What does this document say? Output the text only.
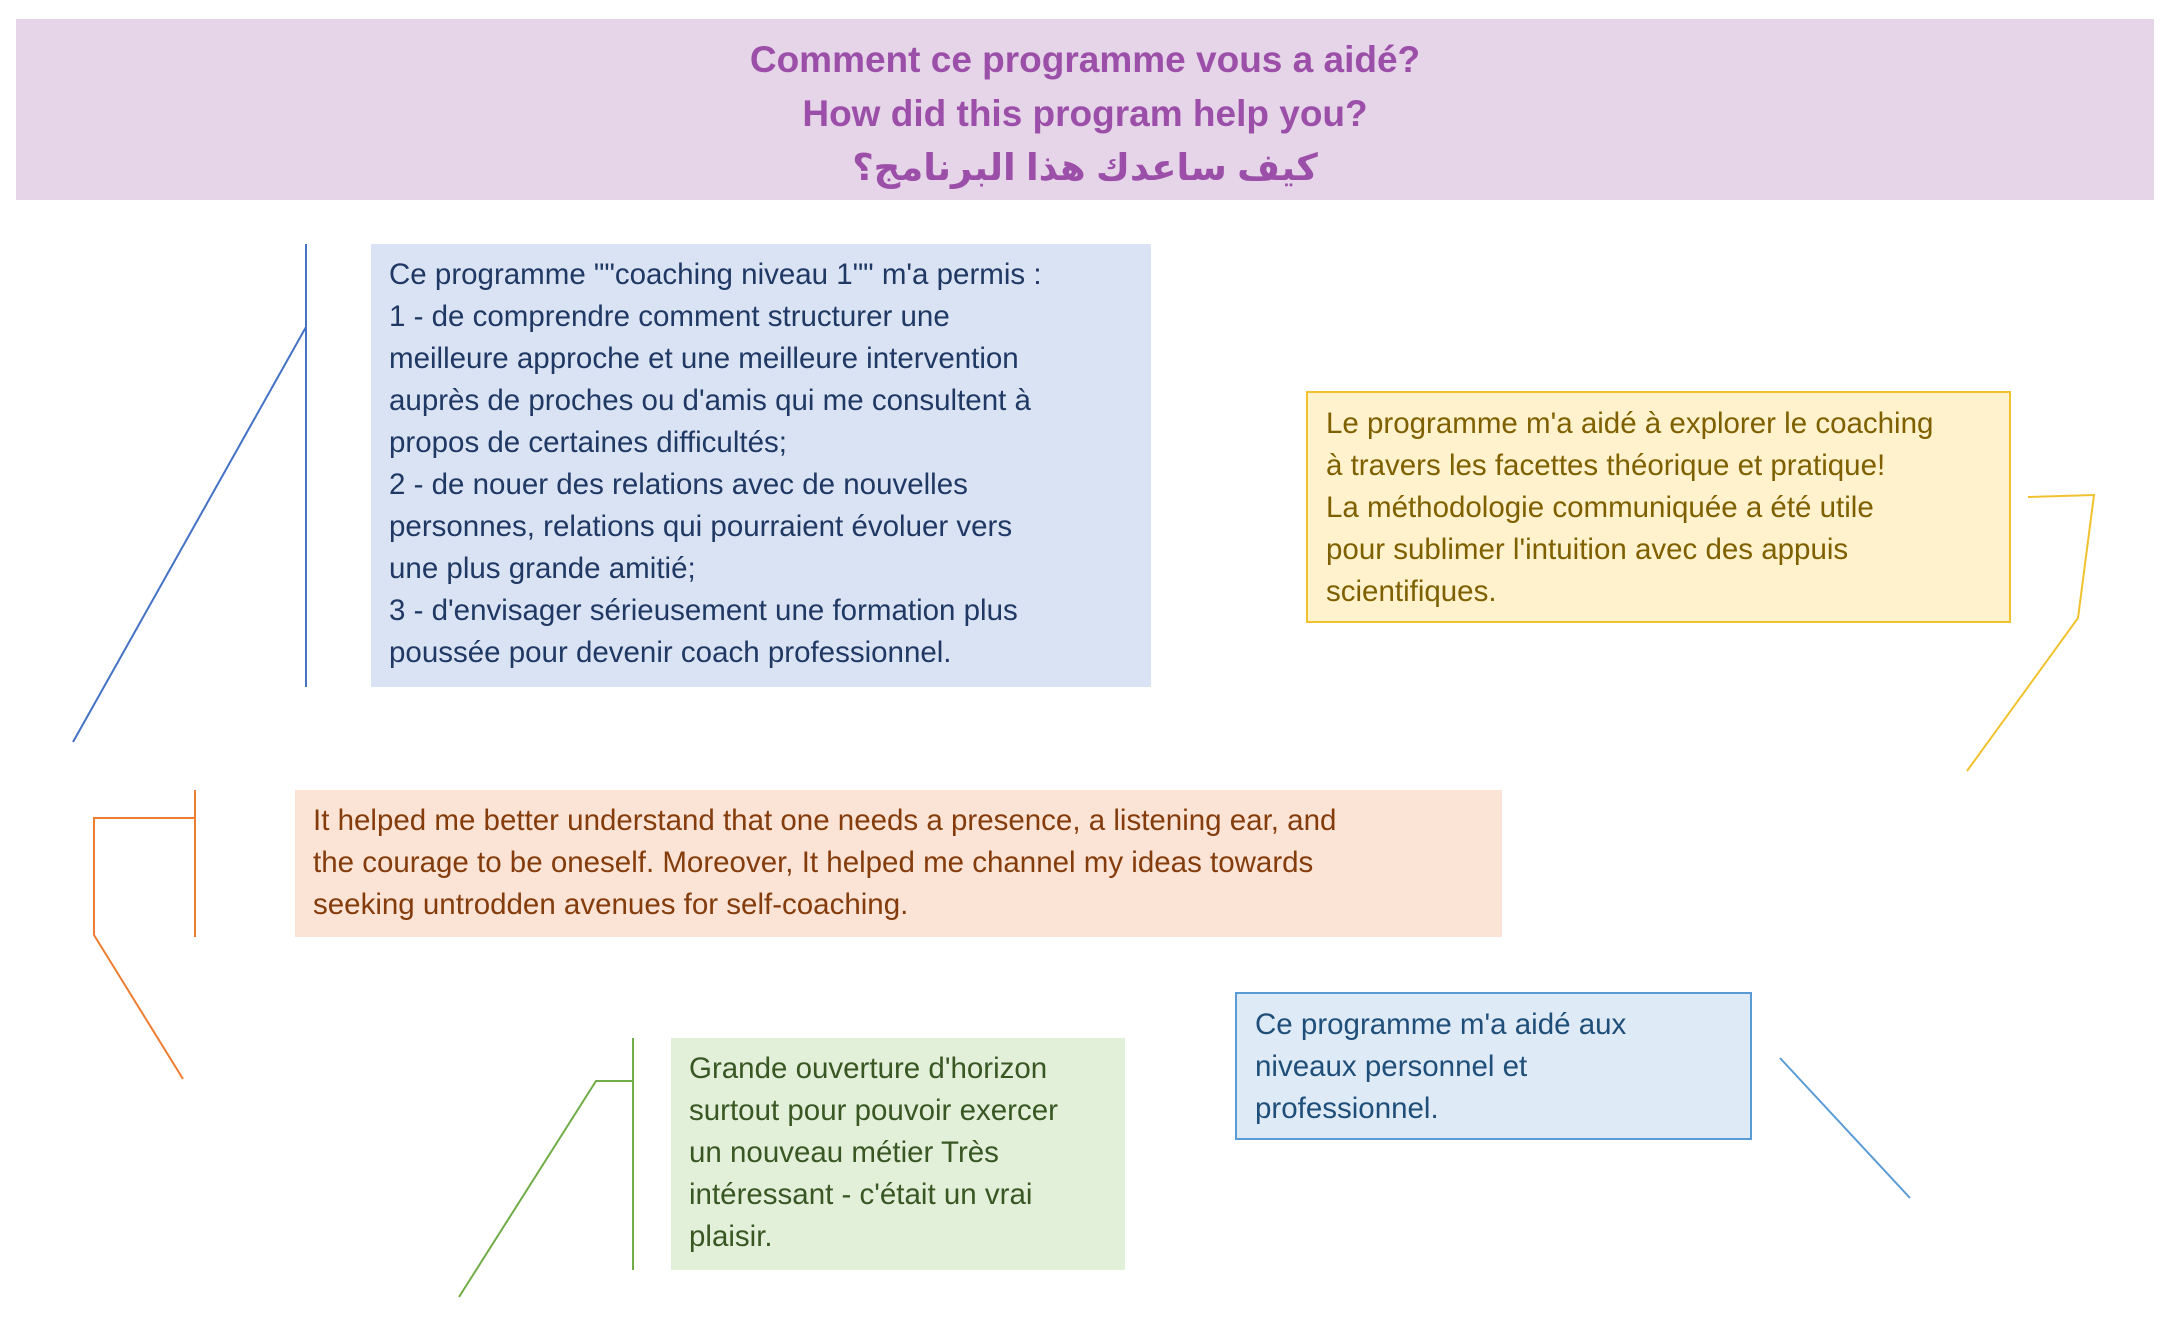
Comment ce programme vous a aidé?
How did this program help you?
كيف ساعدك هذا البرنامج؟
Ce programme ""coaching niveau 1"" m'a permis :
1 - de comprendre comment structurer une
meilleure approche et une meilleure intervention
auprès de proches ou d'amis qui me consultent à
propos de certaines difficultés;
2 - de nouer des relations avec de nouvelles
personnes, relations qui pourraient évoluer vers
une plus grande amitié;
3 - d'envisager sérieusement une formation plus
poussée pour devenir coach professionnel.
Le programme m'a aidé à explorer le coaching
à travers les facettes théorique et pratique!
La méthodologie communiquée a été utile
pour sublimer l'intuition avec des appuis
scientifiques.
It helped me better understand that one needs a presence, a listening ear, and
the courage to be oneself. Moreover, It helped me channel my ideas towards
seeking untrodden avenues for self-coaching.
Ce programme m'a aidé aux
niveaux personnel et
professionnel.
Grande ouverture d'horizon
surtout pour pouvoir exercer
un nouveau métier Très
intéressant - c'était un vrai
plaisir.
